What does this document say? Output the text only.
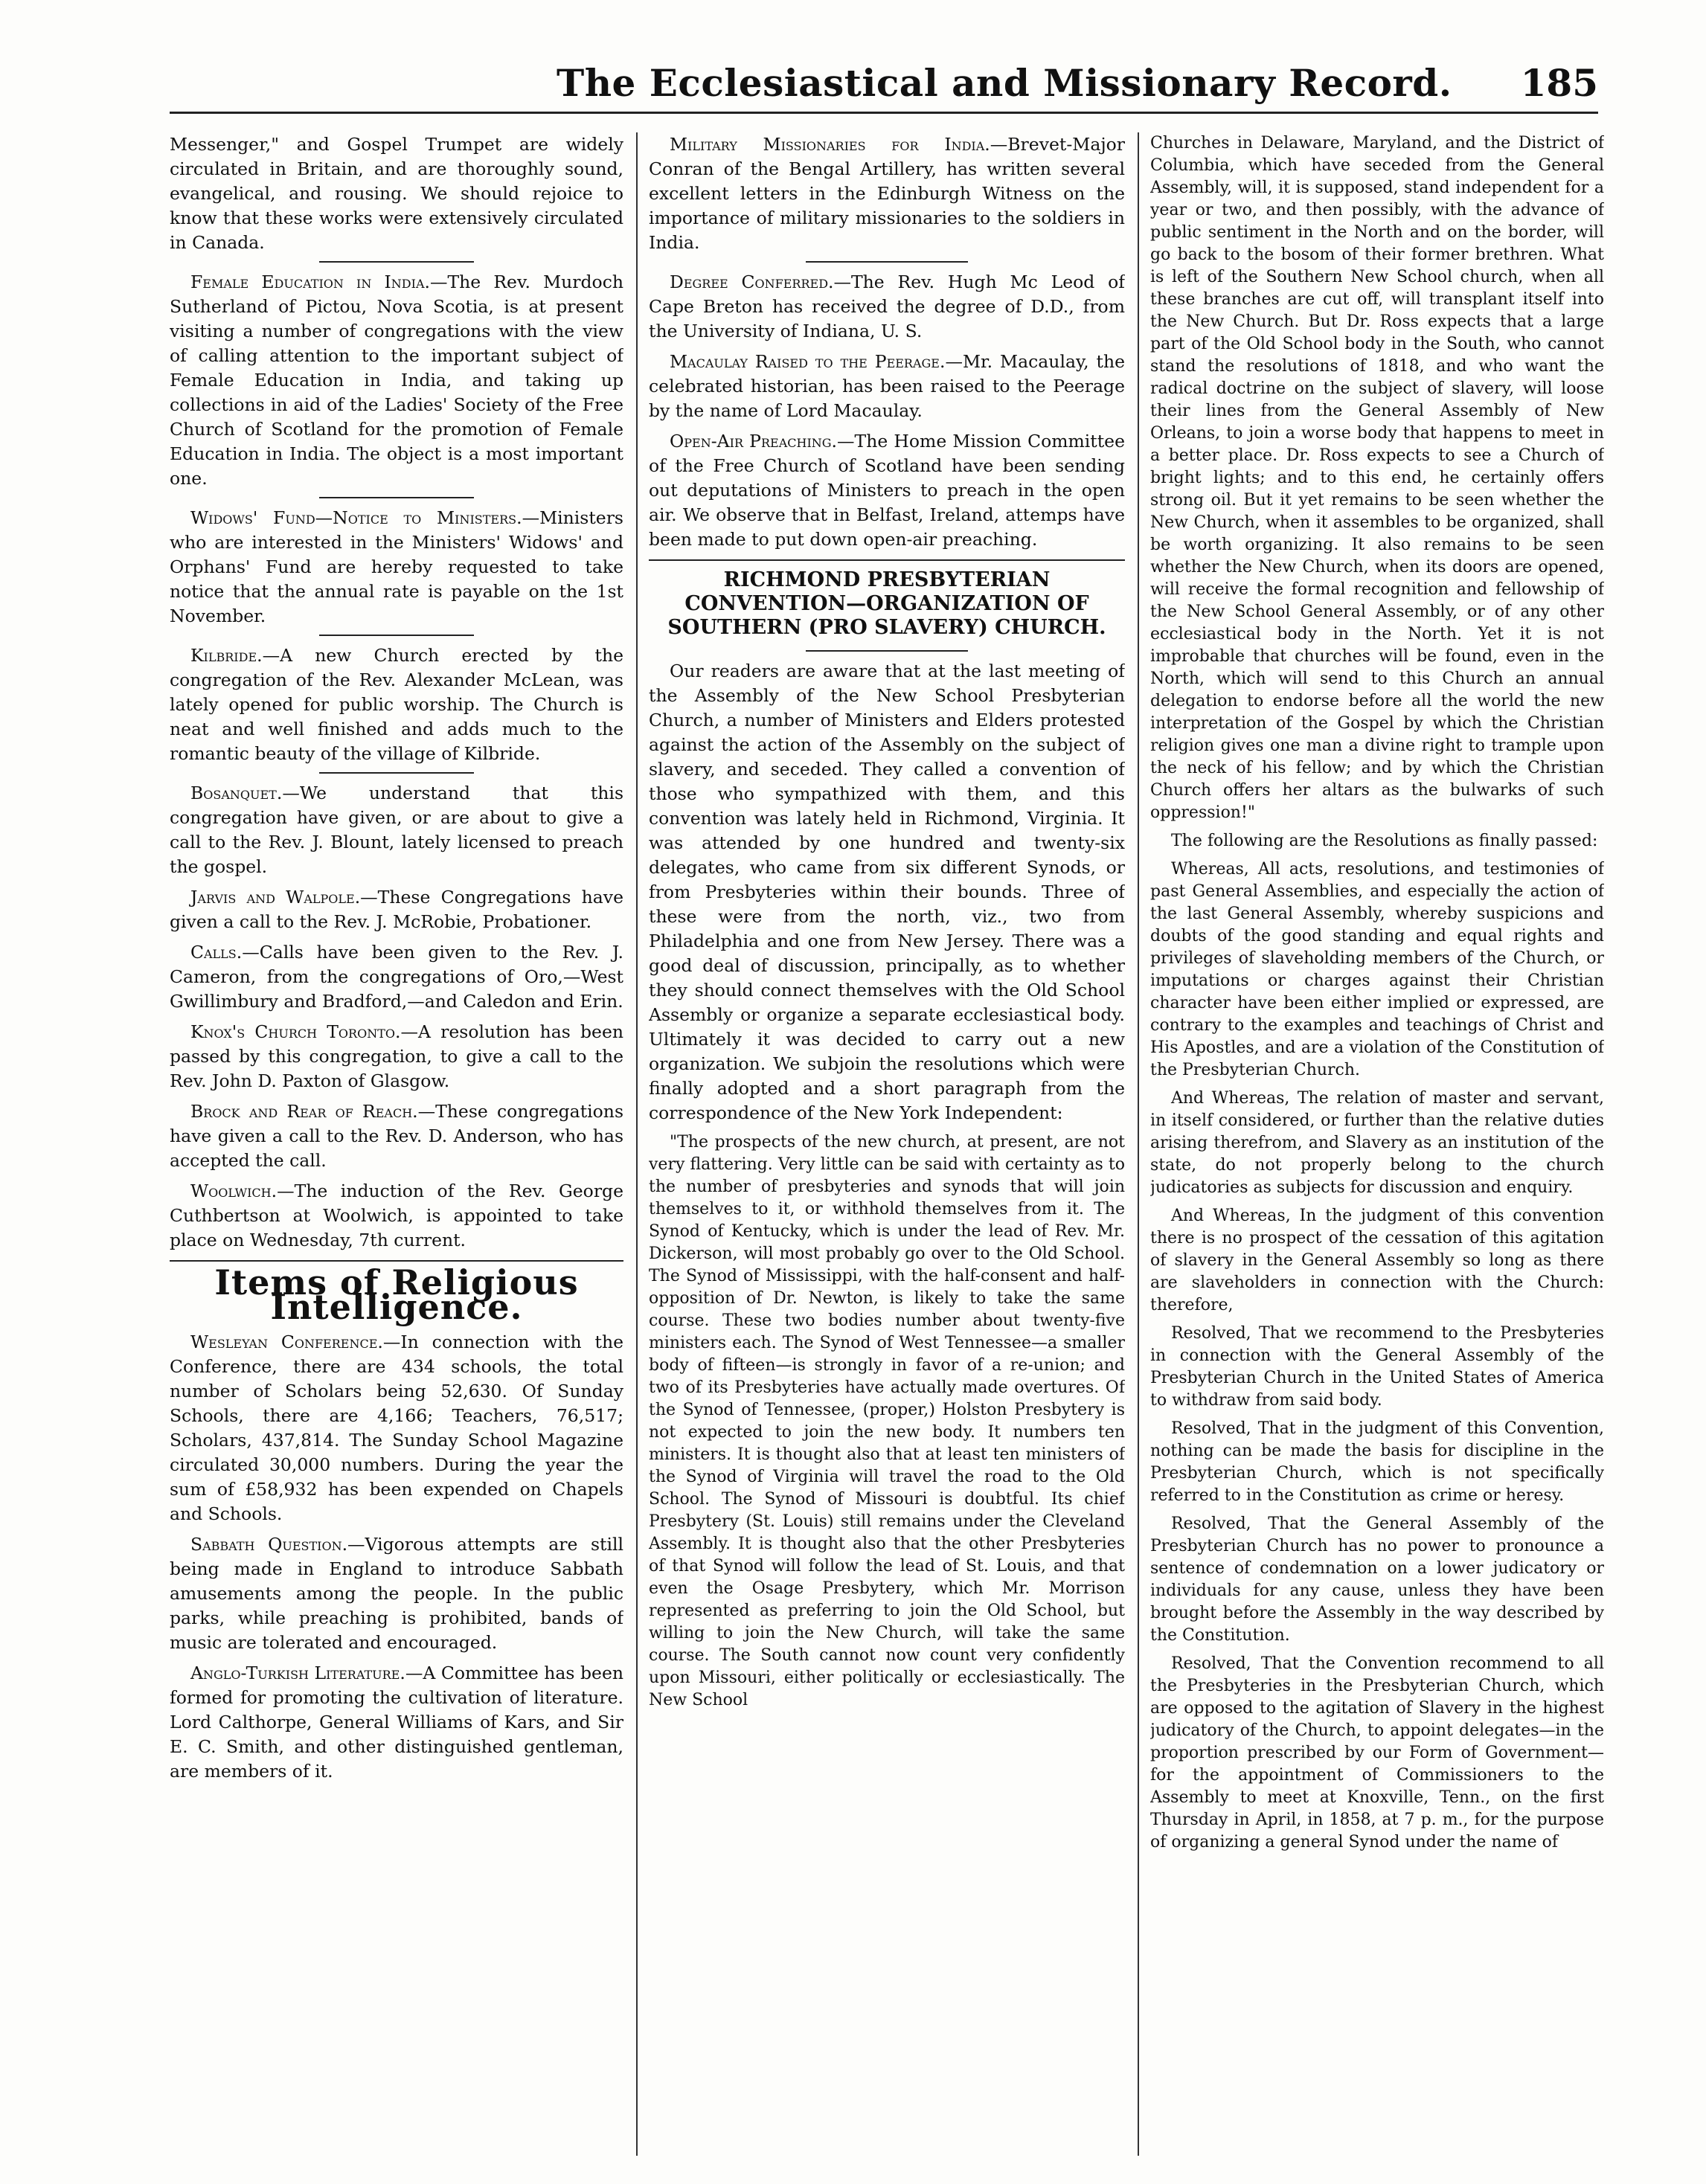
The Ecclesiastical and Missionary Record. 185

Messenger," and Gospel Trumpet are widely circulated in Britain, and are thoroughly sound, evangelical, and rousing. We should rejoice to know that these works were extensively circulated in Canada.

Female Education in India.—The Rev. Murdoch Sutherland of Pictou, Nova Scotia, is at present visiting a number of congregations with the view of calling attention to the important subject of Female Education in India, and taking up collections in aid of the Ladies' Society of the Free Church of Scotland for the promotion of Female Education in India. The object is a most important one.

Widows' Fund—Notice to Ministers.—Ministers who are interested in the Ministers' Widows' and Orphans' Fund are hereby requested to take notice that the annual rate is payable on the 1st November.

Kilbride.—A new Church erected by the congregation of the Rev. Alexander McLean, was lately opened for public worship. The Church is neat and well finished and adds much to the romantic beauty of the village of Kilbride.

Bosanquet.—We understand that this congregation have given, or are about to give a call to the Rev. J. Blount, lately licensed to preach the gospel.

Jarvis and Walpole.—These Congregations have given a call to the Rev. J. McRobie, Probationer.

Calls.—Calls have been given to the Rev. J. Cameron, from the congregations of Oro,—West Gwillimbury and Bradford,—and Caledon and Erin.

Knox's Church Toronto.—A resolution has been passed by this congregation, to give a call to the Rev. John D. Paxton of Glasgow.

Brock and Rear of Reach.—These congregations have given a call to the Rev. D. Anderson, who has accepted the call.

Woolwich.—The induction of the Rev. George Cuthbertson at Woolwich, is appointed to take place on Wednesday, 7th current.

Items of Religious Intelligence.

Wesleyan Conference.—In connection with the Conference, there are 434 schools, the total number of Scholars being 52,630. Of Sunday Schools, there are 4,166; Teachers, 76,517; Scholars, 437,814. The Sunday School Magazine circulated 30,000 numbers. During the year the sum of £58,932 has been expended on Chapels and Schools.

Sabbath Question.—Vigorous attempts are still being made in England to introduce Sabbath amusements among the people. In the public parks, while preaching is prohibited, bands of music are tolerated and encouraged.

Anglo-Turkish Literature.—A Committee has been formed for promoting the cultivation of literature. Lord Calthorpe, General Williams of Kars, and Sir E. C. Smith, and other distinguished gentleman, are members of it.

Military Missionaries for India.—Brevet-Major Conran of the Bengal Artillery, has written several excellent letters in the Edinburgh Witness on the importance of military missionaries to the soldiers in India.

Degree Conferred.—The Rev. Hugh Mc Leod of Cape Breton has received the degree of D.D., from the University of Indiana, U. S.

Macaulay Raised to the Peerage.—Mr. Macaulay, the celebrated historian, has been raised to the Peerage by the name of Lord Macaulay.

Open-Air Preaching.—The Home Mission Committee of the Free Church of Scotland have been sending out deputations of Ministers to preach in the open air. We observe that in Belfast, Ireland, attemps have been made to put down open-air preaching.

RICHMOND PRESBYTERIAN CONVENTION—ORGANIZATION OF SOUTHERN (PRO SLAVERY) CHURCH.

Our readers are aware that at the last meeting of the Assembly of the New School Presbyterian Church, a number of Ministers and Elders protested against the action of the Assembly on the subject of slavery, and seceded. They called a convention of those who sympathized with them, and this convention was lately held in Richmond, Virginia. It was attended by one hundred and twenty-six delegates, who came from six different Synods, or from Presbyteries within their bounds. Three of these were from the north, viz., two from Philadelphia and one from New Jersey. There was a good deal of discussion, principally, as to whether they should connect themselves with the Old School Assembly or organize a separate ecclesiastical body. Ultimately it was decided to carry out a new organization. We subjoin the resolutions which were finally adopted and a short paragraph from the correspondence of the New York Independent:

"The prospects of the new church, at present, are not very flattering. Very little can be said with certainty as to the number of presbyteries and synods that will join themselves to it, or withhold themselves from it. The Synod of Kentucky, which is under the lead of Rev. Mr. Dickerson, will most probably go over to the Old School. The Synod of Mississippi, with the half-consent and half-opposition of Dr. Newton, is likely to take the same course. These two bodies number about twenty-five ministers each. The Synod of West Tennessee—a smaller body of fifteen—is strongly in favor of a re-union; and two of its Presbyteries have actually made overtures. Of the Synod of Tennessee, (proper,) Holston Presbytery is not expected to join the new body. It numbers ten ministers. It is thought also that at least ten ministers of the Synod of Virginia will travel the road to the Old School. The Synod of Missouri is doubtful. Its chief Presbytery (St. Louis) still remains under the Cleveland Assembly. It is thought also that the other Presbyteries of that Synod will follow the lead of St. Louis, and that even the Osage Presbytery, which Mr. Morrison represented as preferring to join the Old School, but willing to join the New Church, will take the same course. The South cannot now count very confidently upon Missouri, either politically or ecclesiastically. The New School

Churches in Delaware, Maryland, and the District of Columbia, which have seceded from the General Assembly, will, it is supposed, stand independent for a year or two, and then possibly, with the advance of public sentiment in the North and on the border, will go back to the bosom of their former brethren. What is left of the Southern New School church, when all these branches are cut off, will transplant itself into the New Church. But Dr. Ross expects that a large part of the Old School body in the South, who cannot stand the resolutions of 1818, and who want the radical doctrine on the subject of slavery, will loose their lines from the General Assembly of New Orleans, to join a worse body that happens to meet in a better place. Dr. Ross expects to see a Church of bright lights; and to this end, he certainly offers strong oil. But it yet remains to be seen whether the New Church, when it assembles to be organized, shall be worth organizing. It also remains to be seen whether the New Church, when its doors are opened, will receive the formal recognition and fellowship of the New School General Assembly, or of any other ecclesiastical body in the North. Yet it is not improbable that churches will be found, even in the North, which will send to this Church an annual delegation to endorse before all the world the new interpretation of the Gospel by which the Christian religion gives one man a divine right to trample upon the neck of his fellow; and by which the Christian Church offers her altars as the bulwarks of such oppression!"

The following are the Resolutions as finally passed:

Whereas, All acts, resolutions, and testimonies of past General Assemblies, and especially the action of the last General Assembly, whereby suspicions and doubts of the good standing and equal rights and privileges of slaveholding members of the Church, or imputations or charges against their Christian character have been either implied or expressed, are contrary to the examples and teachings of Christ and His Apostles, and are a violation of the Constitution of the Presbyterian Church.

And Whereas, The relation of master and servant, in itself considered, or further than the relative duties arising therefrom, and Slavery as an institution of the state, do not properly belong to the church judicatories as subjects for discussion and enquiry.

And Whereas, In the judgment of this convention there is no prospect of the cessation of this agitation of slavery in the General Assembly so long as there are slaveholders in connection with the Church: therefore,

Resolved, That we recommend to the Presbyteries in connection with the General Assembly of the Presbyterian Church in the United States of America to withdraw from said body.

Resolved, That in the judgment of this Convention, nothing can be made the basis for discipline in the Presbyterian Church, which is not specifically referred to in the Constitution as crime or heresy.

Resolved, That the General Assembly of the Presbyterian Church has no power to pronounce a sentence of condemnation on a lower judicatory or individuals for any cause, unless they have been brought before the Assembly in the way described by the Constitution.

Resolved, That the Convention recommend to all the Presbyteries in the Presbyterian Church, which are opposed to the agitation of Slavery in the highest judicatory of the Church, to appoint delegates—in the proportion prescribed by our Form of Government—for the appointment of Commissioners to the Assembly to meet at Knoxville, Tenn., on the first Thursday in April, in 1858, at 7 p. m., for the purpose of organizing a general Synod under the name of
